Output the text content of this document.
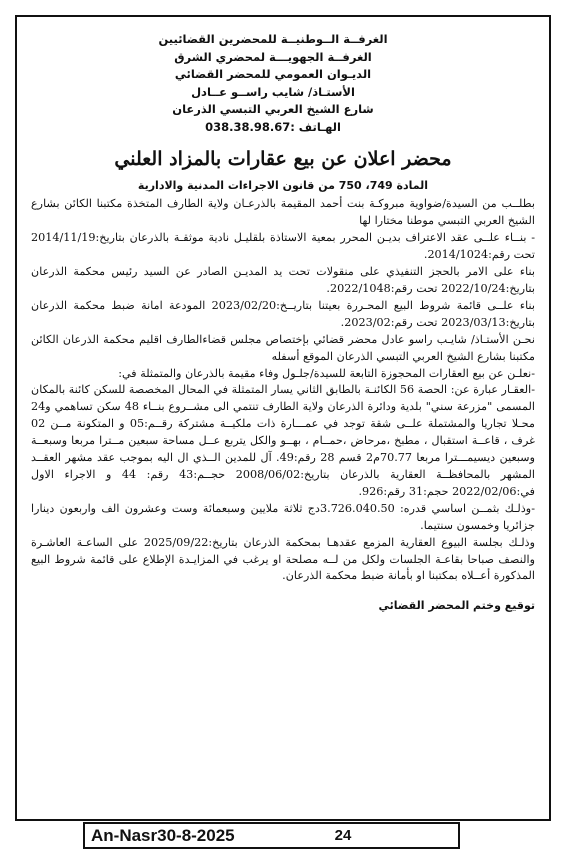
الغرفــة الــوطنيــة للمحضرين القضائيين
الغرفــة الجهويـــة لمحضري الشرق
الديـوان العمومي للمحضر القضائي
الأستـاذ/ شايب راســو عــادل
شارع الشيخ العربي التبسي الذرعان
الهـاتف :038.38.98.67
محضر اعلان عن بيع عقارات بالمزاد العلني
المادة 749، 750 من قانون الاجراءات المدنية والادارية

بطلــب من السيدة/ضواوية مبروكـة بنت أحمد المقيمة بالذرعـان ولاية الطارف المتخذة مكتبنا الكائن بشارع الشيخ العربي التبسي موطنا مختارا لها

- بنــاء علــى عقد الاعتراف بديـن المحرر بمعية الاستاذة بلقليـل نادية موثقـة بالذرعان بتاريخ:2014/11/19 تحت رقم:2014/1024.

بناء على الامر بالحجز التنفيذي على منقولات تحت يد المديـن الصادر عن السيد رئيس محكمة الذرعان بتاريخ:2022/10/24 تحت رقم:2022/1048.

بناء علــى قائمة شروط البيع المحـررة بعيتنا بتاريــخ:2023/02/20 المودعة امانة ضبط محكمة الذرعان بتاريخ:2023/03/13 تحت رقم:2023/02.

نحـن الأستـاذ/ شايـب راسو عادل محضر قضائي بإختصاص مجلس قضاءالطارف اقليم محكمة الذرعان الكائن مكتبنا بشارع الشيخ العربي التبسي الذرعان الموقع أسفله

-نعلـن عن بيع العقارات المحجوزة التابعة للسيدة/جلـول وفاء مقيمة بالذرعان والمتمثلة في:

-العقـار عبارة عن: الحصة 56 الكائنـة بالطابق الثاني يسار المتمثلة في المحال المخصصة للسكن كائنة بالمكان المسمى "مزرعة سني" بلدية ودائرة الذرعان ولاية الطارف تنتمي الى مشــروع بنــاء 48 سكن تساهمي و24 محـلا تجاريا والمشتملة علــى شقة توجد في عمـــارة ذات ملكيــة مشتركة رقــم:05 و المتكونة مــن 02 غرف ، قاعــة استقبال ، مطبخ ،مرحاض ،حمــام ، بهــو والكل يتربع عــل مساحة سبعين مــترا مربعا وسبعــة وسبعين ديسيمـــترا مربعا 70.77م2 قسم 28 رقم:49. آل للمدين الــذي ال اليه بموجب عقد مشهر العقــد المشهر بالمحافظــة العقارية بالذرعان بتاريخ:2008/06/02 حجــم:43 رقم: 44 و الاجراء الاول في:2022/02/06 حجم:31 رقم:926.

-وذلـك بثمــن اساسي قدره: 3.726.040.50دج ثلاثة ملايين وسبعمائة وست وعشرون الف واربعون دينارا جزائريا وخمسون سنتيما.

وذلـك بجلسة البيوع العقارية المزمع عقدهـا بمحكمة الذرعان بتاريخ:2025/09/22 على الساعـة العاشـرة والنصف صباحا بقاعـة الجلسات ولكل من لــه مصلحة او يرغب في المزايـدة الإطلاع على قائمة شروط البيع المذكورة أعــلاه بمكتبنا او بأمانة ضبط محكمة الذرعان.

توقيع وختم المحضر القضائي
An-Nasr30-8-2025	24
